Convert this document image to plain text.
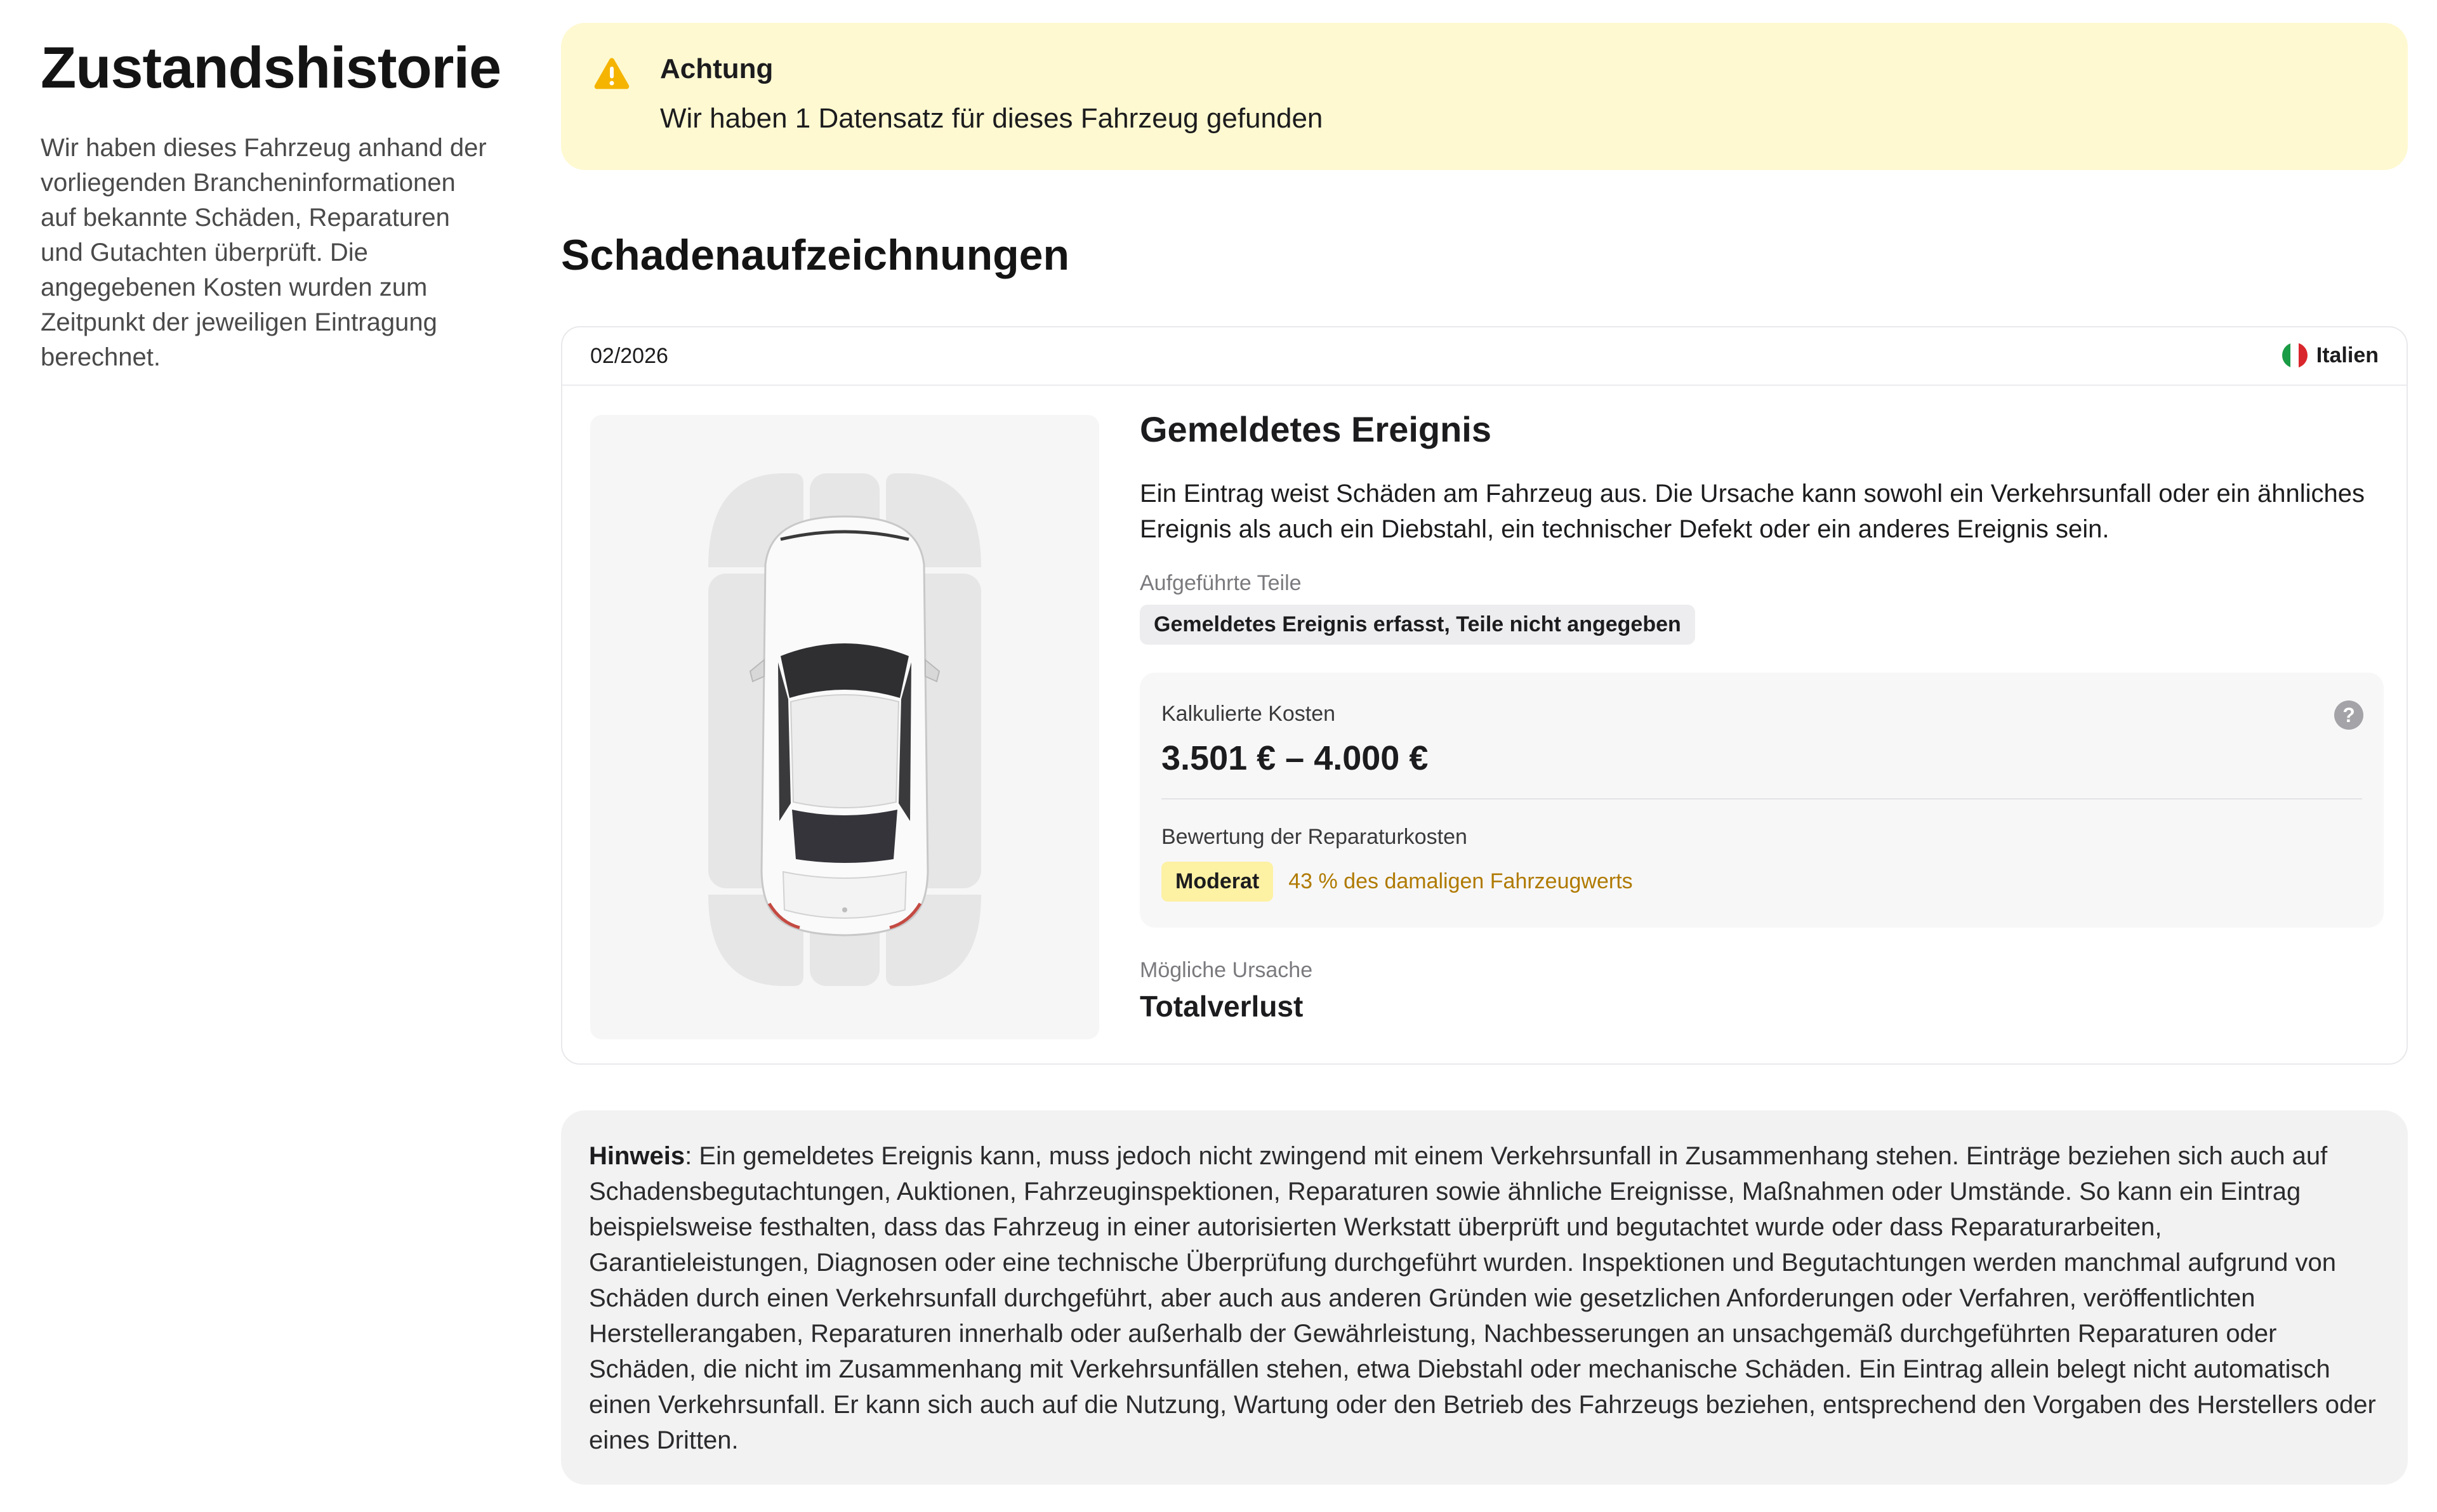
Zustandshistorie

Wir haben dieses Fahrzeug anhand der vorliegenden Brancheninformationen auf bekannte Schäden, Reparaturen und Gutachten überprüft. Die angegebenen Kosten wurden zum Zeitpunkt der jeweiligen Eintragung berechnet.

Achtung
Wir haben 1 Datensatz für dieses Fahrzeug gefunden
Schadenaufzeichnungen
02/2026	Italien
Gemeldetes Ereignis

Ein Eintrag weist Schäden am Fahrzeug aus. Die Ursache kann sowohl ein Verkehrsunfall oder ein ähnliches Ereignis als auch ein Diebstahl, ein technischer Defekt oder ein anderes Ereignis sein.

Aufgeführte Teile
Gemeldetes Ereignis erfasst, Teile nicht angegeben
Kalkulierte Kosten	?
3.501 € – 4.000 €
Bewertung der Reparaturkosten
Moderat	43 % des damaligen Fahrzeugwerts
Mögliche Ursache
Totalverlust
Hinweis: Ein gemeldetes Ereignis kann, muss jedoch nicht zwingend mit einem Verkehrsunfall in Zusammenhang stehen. Einträge beziehen sich auch auf Schadensbegutachtungen, Auktionen, Fahrzeuginspektionen, Reparaturen sowie ähnliche Ereignisse, Maßnahmen oder Umstände. So kann ein Eintrag beispielsweise festhalten, dass das Fahrzeug in einer autorisierten Werkstatt überprüft und begutachtet wurde oder dass Reparaturarbeiten, Garantieleistungen, Diagnosen oder eine technische Überprüfung durchgeführt wurden. Inspektionen und Begutachtungen werden manchmal aufgrund von Schäden durch einen Verkehrsunfall durchgeführt, aber auch aus anderen Gründen wie gesetzlichen Anforderungen oder Verfahren, veröffentlichten Herstellerangaben, Reparaturen innerhalb oder außerhalb der Gewährleistung, Nachbesserungen an unsachgemäß durchgeführten Reparaturen oder Schäden, die nicht im Zusammenhang mit Verkehrsunfällen stehen, etwa Diebstahl oder mechanische Schäden. Ein Eintrag allein belegt nicht automatisch einen Verkehrsunfall. Er kann sich auch auf die Nutzung, Wartung oder den Betrieb des Fahrzeugs beziehen, entsprechend den Vorgaben des Herstellers oder eines Dritten.
